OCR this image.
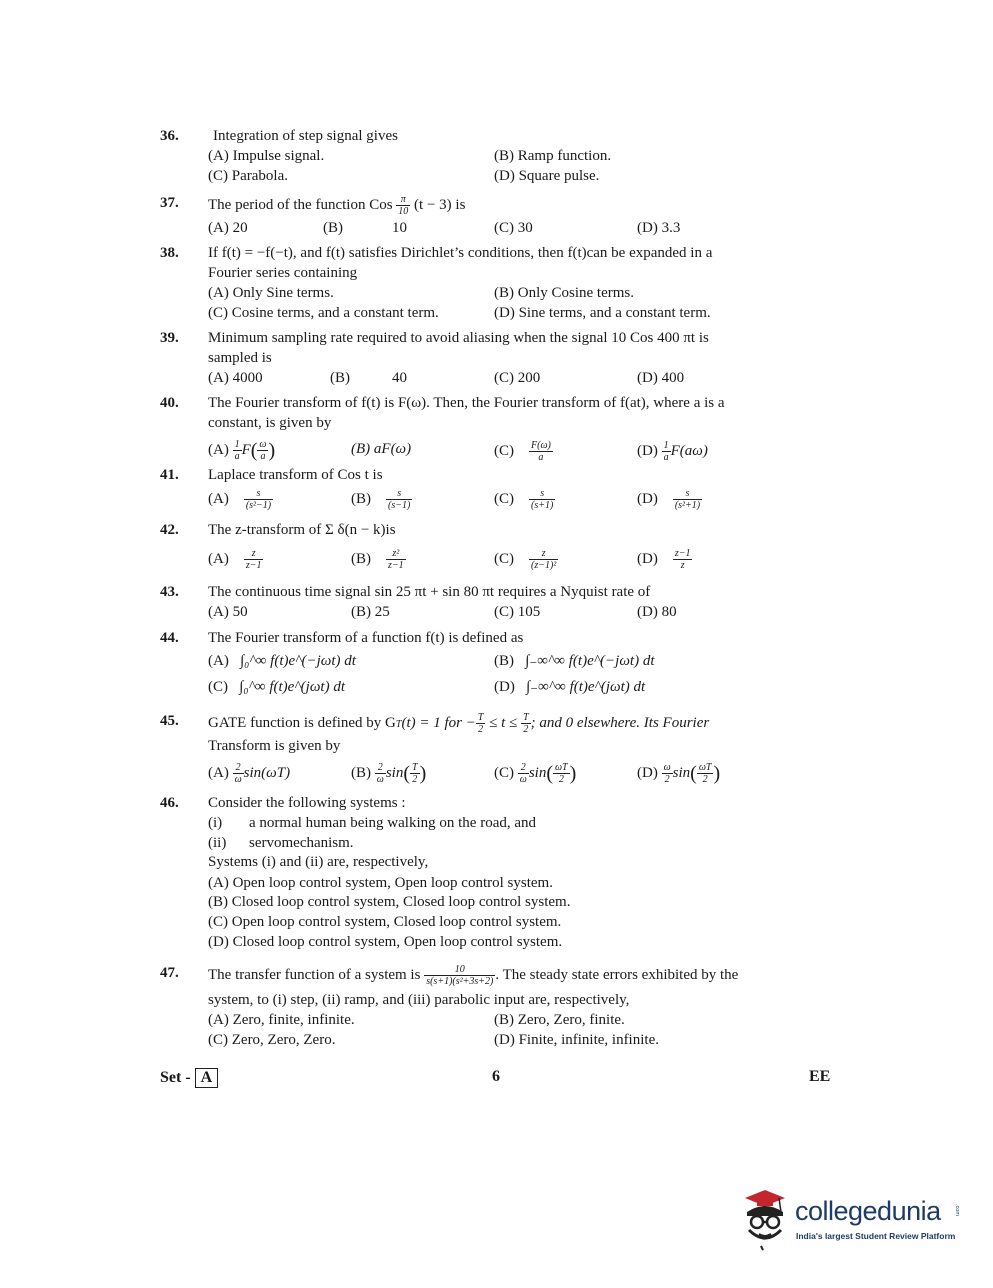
36. Integration of step signal gives
(A) Impulse signal.	(B) Ramp function.
(C) Parabola.	(D) Square pulse.
37. The period of the function Cos $\frac{\pi}{10} (t - 3)$ is
(A) 20	(B)	10	(C) 30	(D) 3.3
38. If f(t) = −f(−t), and f(t) satisfies Dirichlet’s conditions, then f(t)can be expanded in a
Fourier series containing
(A) Only Sine terms.	(B) Only Cosine terms.
(C) Cosine terms, and a constant term.	(D) Sine terms, and a constant term.
39. Minimum sampling rate required to avoid aliasing when the signal 10 Cos 400 πt is
sampled is
(A) 4000	(B)	40	(C) 200	(D) 400
40. The Fourier transform of f(t) is F(ω). Then, the Fourier transform of f(at), where a is a
constant, is given by
$(A) \frac{1}{a} F( \frac{\omega}{a}$ )	(B) aF(ω)	$(C) \frac{F(\omega)}{a}$	$(D) \frac{1}{a} F(a\omega)$
41. Laplace transform of Cos t is
$(A) \frac{s}{\text{(s²−1)}}$	$(B) \frac{s}{(s-1)}$	$(C) \frac{s}{(s+1)}$	$(D) \frac{s}{\text{(s²+1)}}$
42. The z-transform of Σ δ(n − k)is
$(A) \frac{z}{z-1}$	$(B) \frac{\text{z²}}{z-1}$	$(C) \frac{z}{\text{(z−1)²}}$	$(D) \frac{z-1}{z}$
43. The continuous time signal sin 25 πt + sin 80 πt requires a Nyquist rate of
(A) 50	(B) 25	(C) 105	(D) 80
44. The Fourier transform of a function f(t) is defined as
(A) ∫₀^∞ f(t)e^(−jωt) dt	(B) ∫₋∞^∞ f(t)e^(−jωt) dt
(C) ∫₀^∞ f(t)e^(jωt) dt	(D) ∫₋∞^∞ f(t)e^(jωt) dt
45. GATE function is defined by GT(t) = 1 for − $\frac{T}{2} \le t \le \frac{T}{2}$ ; and 0 elsewhere. Its Fourier
Transform is given by
$(A) \frac{2}{\omega} \sin(\omega T)$	$(B) \frac{2}{\omega} \sin( \frac{T}{2}$ )	$(C) \frac{2}{\omega} \sin( \frac{\omega T}{2}$ )	$(D) \frac{\omega}{2} \sin( \frac{\omega T}{2}$ )
46. Consider the following systems :
(i) a normal human being walking on the road, and
(ii) servomechanism.
Systems (i) and (ii) are, respectively,
(A) Open loop control system, Open loop control system.
(B) Closed loop control system, Closed loop control system.
(C) Open loop control system, Closed loop control system.
(D) Closed loop control system, Open loop control system.
47. The transfer function of a system is $\frac{10}{\text{s(s+1)(s²+3s+2)}}$ . The steady state errors exhibited by the
system, to (i) step, (ii) ramp, and (iii) parabolic input are, respectively,
(A) Zero, finite, infinite.	(B) Zero, Zero, finite.
(C) Zero, Zero, Zero.	(D) Finite, infinite, infinite.
Set - A	6	EE
collegedunia
India's largest Student Review Platform
.com
